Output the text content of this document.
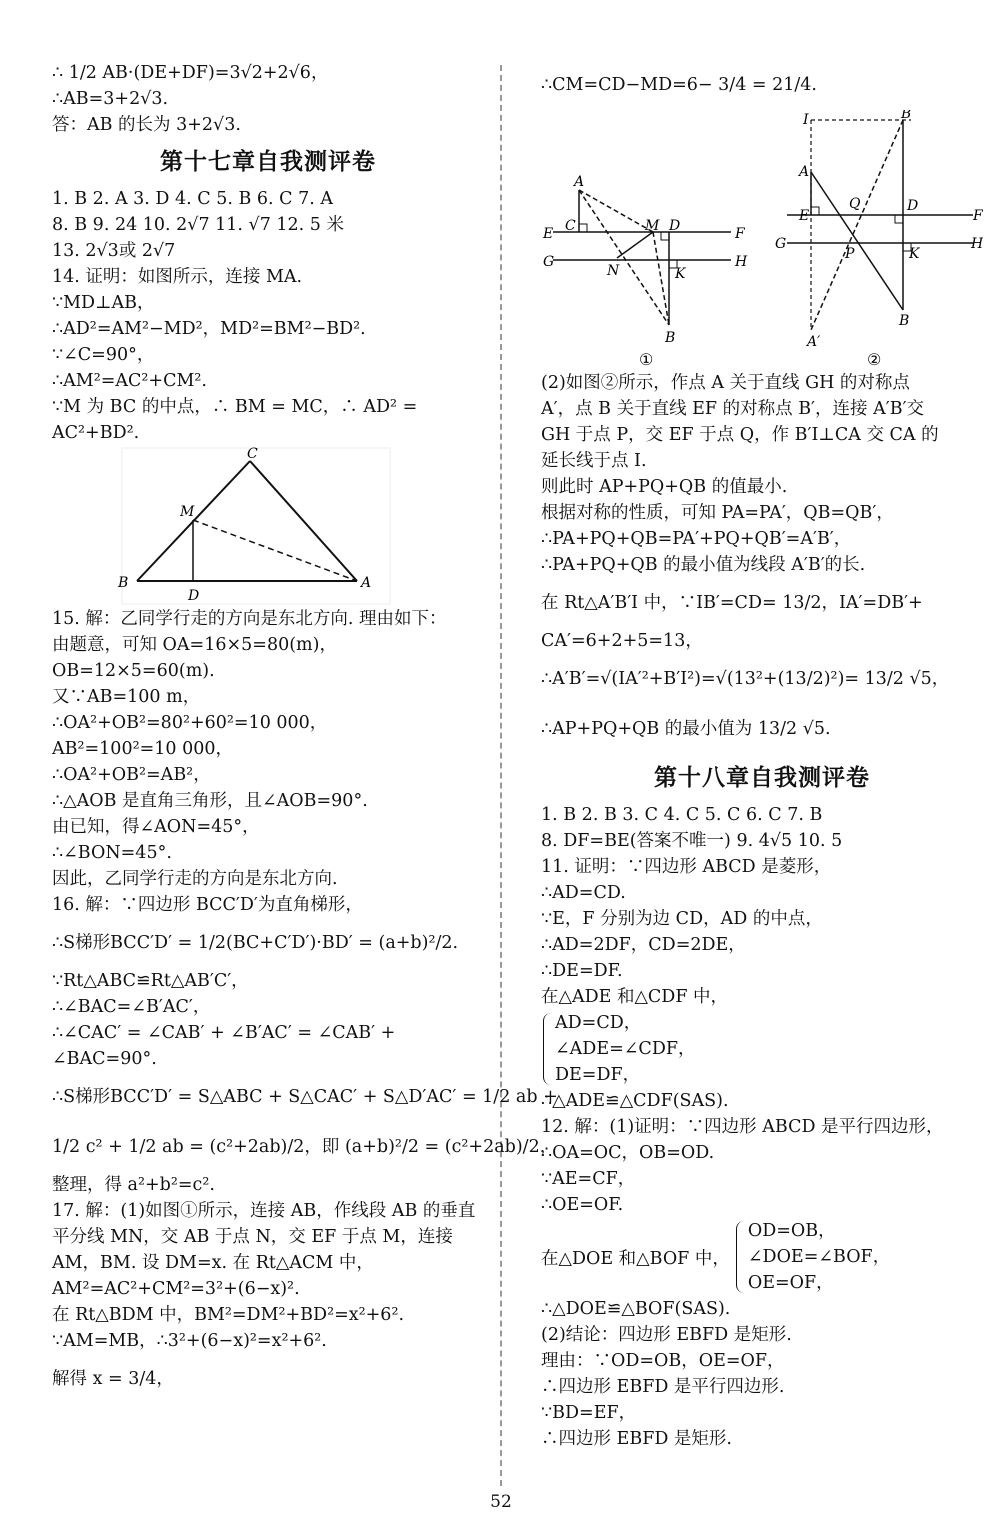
∴ 1/2 AB·(DE+DF)=3√2+2√6，
∴AB=3+2√3.
答：AB 的长为 3+2√3.
第十七章自我测评卷
1. B 2. A 3. D 4. C 5. B 6. C 7. A
8. B 9. 24 10. 2√7 11. √7 12. 5 米
13. 2√3或 2√7
14. 证明：如图所示，连接 MA.
∵MD⊥AB，
∴AD²=AM²−MD²，MD²=BM²−BD².
∵∠C=90°，
∴AM²=AC²+CM².
∵M 为 BC 的中点，∴ BM = MC，∴ AD² =
AC²+BD².
C
M
B
D
A
15. 解：乙同学行走的方向是东北方向. 理由如下：
由题意，可知 OA=16×5=80(m)，
OB=12×5=60(m).
又∵AB=100 m，
∴OA²+OB²=80²+60²=10 000，
AB²=100²=10 000，
∴OA²+OB²=AB²，
∴△AOB 是直角三角形，且∠AOB=90°.
由已知，得∠AON=45°，
∴∠BON=45°.
因此，乙同学行走的方向是东北方向.
16. 解：∵四边形 BCC′D′为直角梯形，
∴S梯形BCC′D′ = 1/2(BC+C′D′)·BD′ = (a+b)²/2.
∵Rt△ABC≌Rt△AB′C′，
∴∠BAC=∠B′AC′，
∴∠CAC′ = ∠CAB′ + ∠B′AC′ = ∠CAB′ +
∠BAC=90°.
∴S梯形BCC′D′ = S△ABC + S△CAC′ + S△D′AC′ = 1/2 ab +
1/2 c² + 1/2 ab = (c²+2ab)/2，即 (a+b)²/2 = (c²+2ab)/2，
整理，得 a²+b²=c².
17. 解：(1)如图①所示，连接 AB，作线段 AB 的垂直
平分线 MN，交 AB 于点 N，交 EF 于点 M，连接
AM，BM. 设 DM=x. 在 Rt△ACM 中，
AM²=AC²+CM²=3²+(6−x)².
在 Rt△BDM 中，BM²=DM²+BD²=x²+6².
∵AM=MB，∴3²+(6−x)²=x²+6².
解得 x = 3/4，
∴CM=CD−MD=6− 3/4 = 21/4.
A
C
E
G
M D	F
H
N	K
B
①
I	B′
A
E
G
Q	D
F
H
P	K
B
A′
②
(2)如图②所示，作点 A 关于直线 GH 的对称点
A′，点 B 关于直线 EF 的对称点 B′，连接 A′B′交
GH 于点 P，交 EF 于点 Q，作 B′I⊥CA 交 CA 的
延长线于点 I.
则此时 AP+PQ+QB 的值最小.
根据对称的性质，可知 PA=PA′，QB=QB′，
∴PA+PQ+QB=PA′+PQ+QB′=A′B′，
∴PA+PQ+QB 的最小值为线段 A′B′的长.
在 Rt△A′B′I 中，∵IB′=CD= 13/2，IA′=DB′+
CA′=6+2+5=13，
∴A′B′=√(IA′²+B′I²)=√(13²+(13/2)²)= 13/2 √5，
∴AP+PQ+QB 的最小值为 13/2 √5.
第十八章自我测评卷
1. B 2. B 3. C 4. C 5. C 6. C 7. B
8. DF=BE(答案不唯一) 9. 4√5 10. 5
11. 证明：∵四边形 ABCD 是菱形，
∴AD=CD.
∵E，F 分别为边 CD，AD 的中点，
∴AD=2DF，CD=2DE，
∴DE=DF.
在△ADE 和△CDF 中，
AD=CD，
∠ADE=∠CDF，
DE=DF，
∴△ADE≌△CDF(SAS).
12. 解：(1)证明：∵四边形 ABCD 是平行四边形，
∴OA=OC，OB=OD.
∵AE=CF，
∴OE=OF.
在△DOE 和△BOF 中，
OD=OB，
∠DOE=∠BOF，
OE=OF，
∴△DOE≌△BOF(SAS).
(2)结论：四边形 EBFD 是矩形.
理由：∵OD=OB，OE=OF，
∴四边形 EBFD 是平行四边形.
∵BD=EF，
∴四边形 EBFD 是矩形.
52
